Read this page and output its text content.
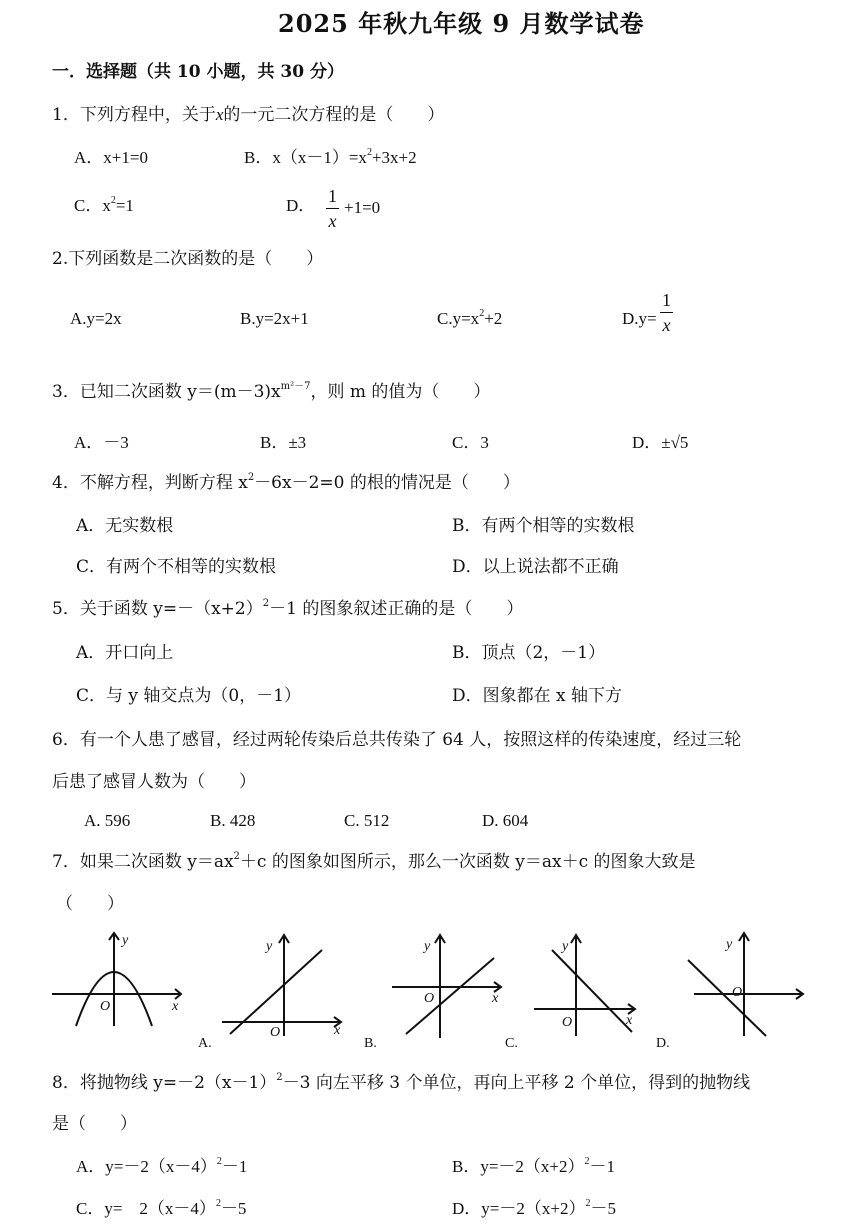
2025 年秋九年级 9 月数学试卷
一．选择题（共 10 小题，共 30 分）
1．下列方程中，关于x的一元二次方程的是（　　）
A．x+1=0	B．$x(x-1)=x^2+3x+2$
C．$x^2=1$	D． $\frac{1}{x} +1=0$
2.下列函数是二次函数的是（　　）
A.y=2x	B.y=2x+1	$C.y=x^2+2$	$D.y= \frac{1}{x}$
3．已知二次函数 $y=(m-3)x^{m^2-7}$，则 m 的值为（　　）
A．－3	B．±3	C．3	D．±√5
4．不解方程，判断方程 $x^2-6x-2=0$ 的根的情况是（　　）
A．无实数根	B．有两个相等的实数根
C．有两个不相等的实数根	D．以上说法都不正确
5．关于函数 $y=-(x+2)^2-1$ 的图象叙述正确的是（　　）
A．开口向上	B．顶点（2，－1）
C．与 y 轴交点为（0，－1）	D．图象都在 x 轴下方
6．有一个人患了感冒，经过两轮传染后总共传染了 64 人，按照这样的传染速度，经过三轮
后患了感冒人数为（　　）
A. 596	B. 428	C. 512	D. 604
7．如果二次函数 $y=ax^2+c$ 的图象如图所示，那么一次函数 y＝ax＋c 的图象大致是
（　　）
y
x
O
y
x
O
A.
y
x
O
B.
y
x
O
C.
y
O
D.
8．将抛物线 $y=-2(x-1)^2-3$ 向左平移 3 个单位，再向上平移 2 个单位，得到的抛物线
是（　　）
A．$y=-2(x-4)^2-1$	B．$y=-2(x+2)^2-1$
C．y=　$2(x-4)^2-5$	D．$y=-2(x+2)^2-5$
